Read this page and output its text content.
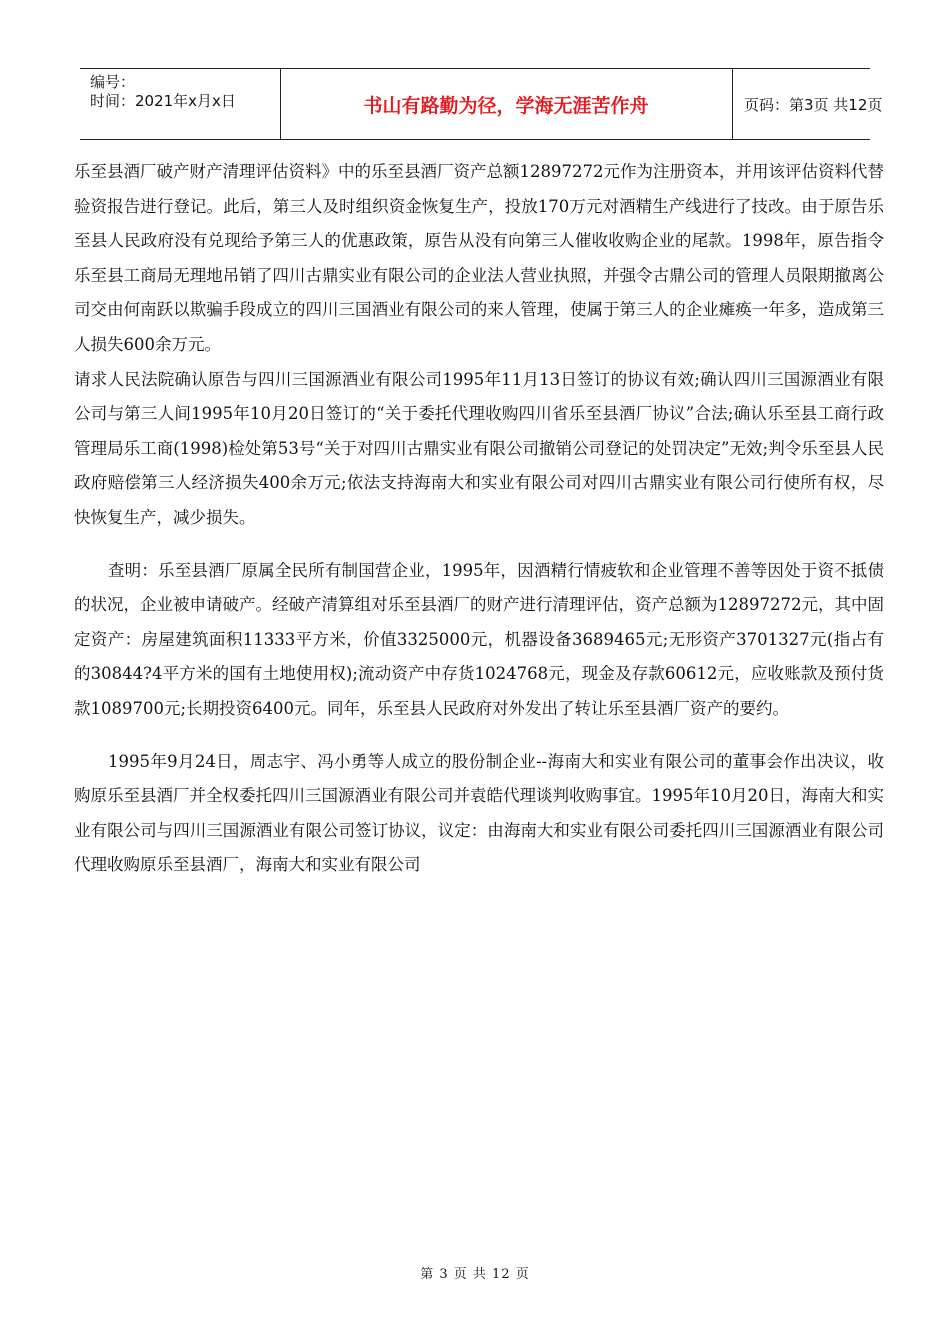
编号：
时间：2021年x月x日	书山有路勤为径，学海无涯苦作舟	页码：第3页 共12页

乐至县酒厂破产财产清理评估资料》中的乐至县酒厂资产总额12897272元作为注册资本，并用该评估资料代替验资报告进行登记。此后，第三人及时组织资金恢复生产，投放170万元对酒精生产线进行了技改。由于原告乐至县人民政府没有兑现给予第三人的优惠政策，原告从没有向第三人催收收购企业的尾款。1998年，原告指令乐至县工商局无理地吊销了四川古鼎实业有限公司的企业法人营业执照，并强令古鼎公司的管理人员限期撤离公司交由何南跃以欺骗手段成立的四川三国酒业有限公司的来人管理，使属于第三人的企业瘫痪一年多，造成第三人损失600余万元。

请求人民法院确认原告与四川三国源酒业有限公司1995年11月13日签订的协议有效;确认四川三国源酒业有限公司与第三人间1995年10月20日签订的“关于委托代理收购四川省乐至县酒厂协议”合法;确认乐至县工商行政管理局乐工商(1998)检处第53号“关于对四川古鼎实业有限公司撤销公司登记的处罚决定”无效;判令乐至县人民政府赔偿第三人经济损失400余万元;依法支持海南大和实业有限公司对四川古鼎实业有限公司行使所有权，尽快恢复生产，减少损失。

查明：乐至县酒厂原属全民所有制国营企业，1995年，因酒精行情疲软和企业管理不善等因处于资不抵债的状况，企业被申请破产。经破产清算组对乐至县酒厂的财产进行清理评估，资产总额为12897272元，其中固定资产：房屋建筑面积11333平方米，价值3325000元，机器设备3689465元;无形资产3701327元(指占有的30844?4平方米的国有土地使用权);流动资产中存货1024768元，现金及存款60612元，应收账款及预付货款1089700元;长期投资6400元。同年，乐至县人民政府对外发出了转让乐至县酒厂资产的要约。

1995年9月24日，周志宇、冯小勇等人成立的股份制企业--海南大和实业有限公司的董事会作出决议，收购原乐至县酒厂并全权委托四川三国源酒业有限公司并袁皓代理谈判收购事宜。1995年10月20日，海南大和实业有限公司与四川三国源酒业有限公司签订协议，议定：由海南大和实业有限公司委托四川三国源酒业有限公司代理收购原乐至县酒厂，海南大和实业有限公司

第 3 页 共 12 页
